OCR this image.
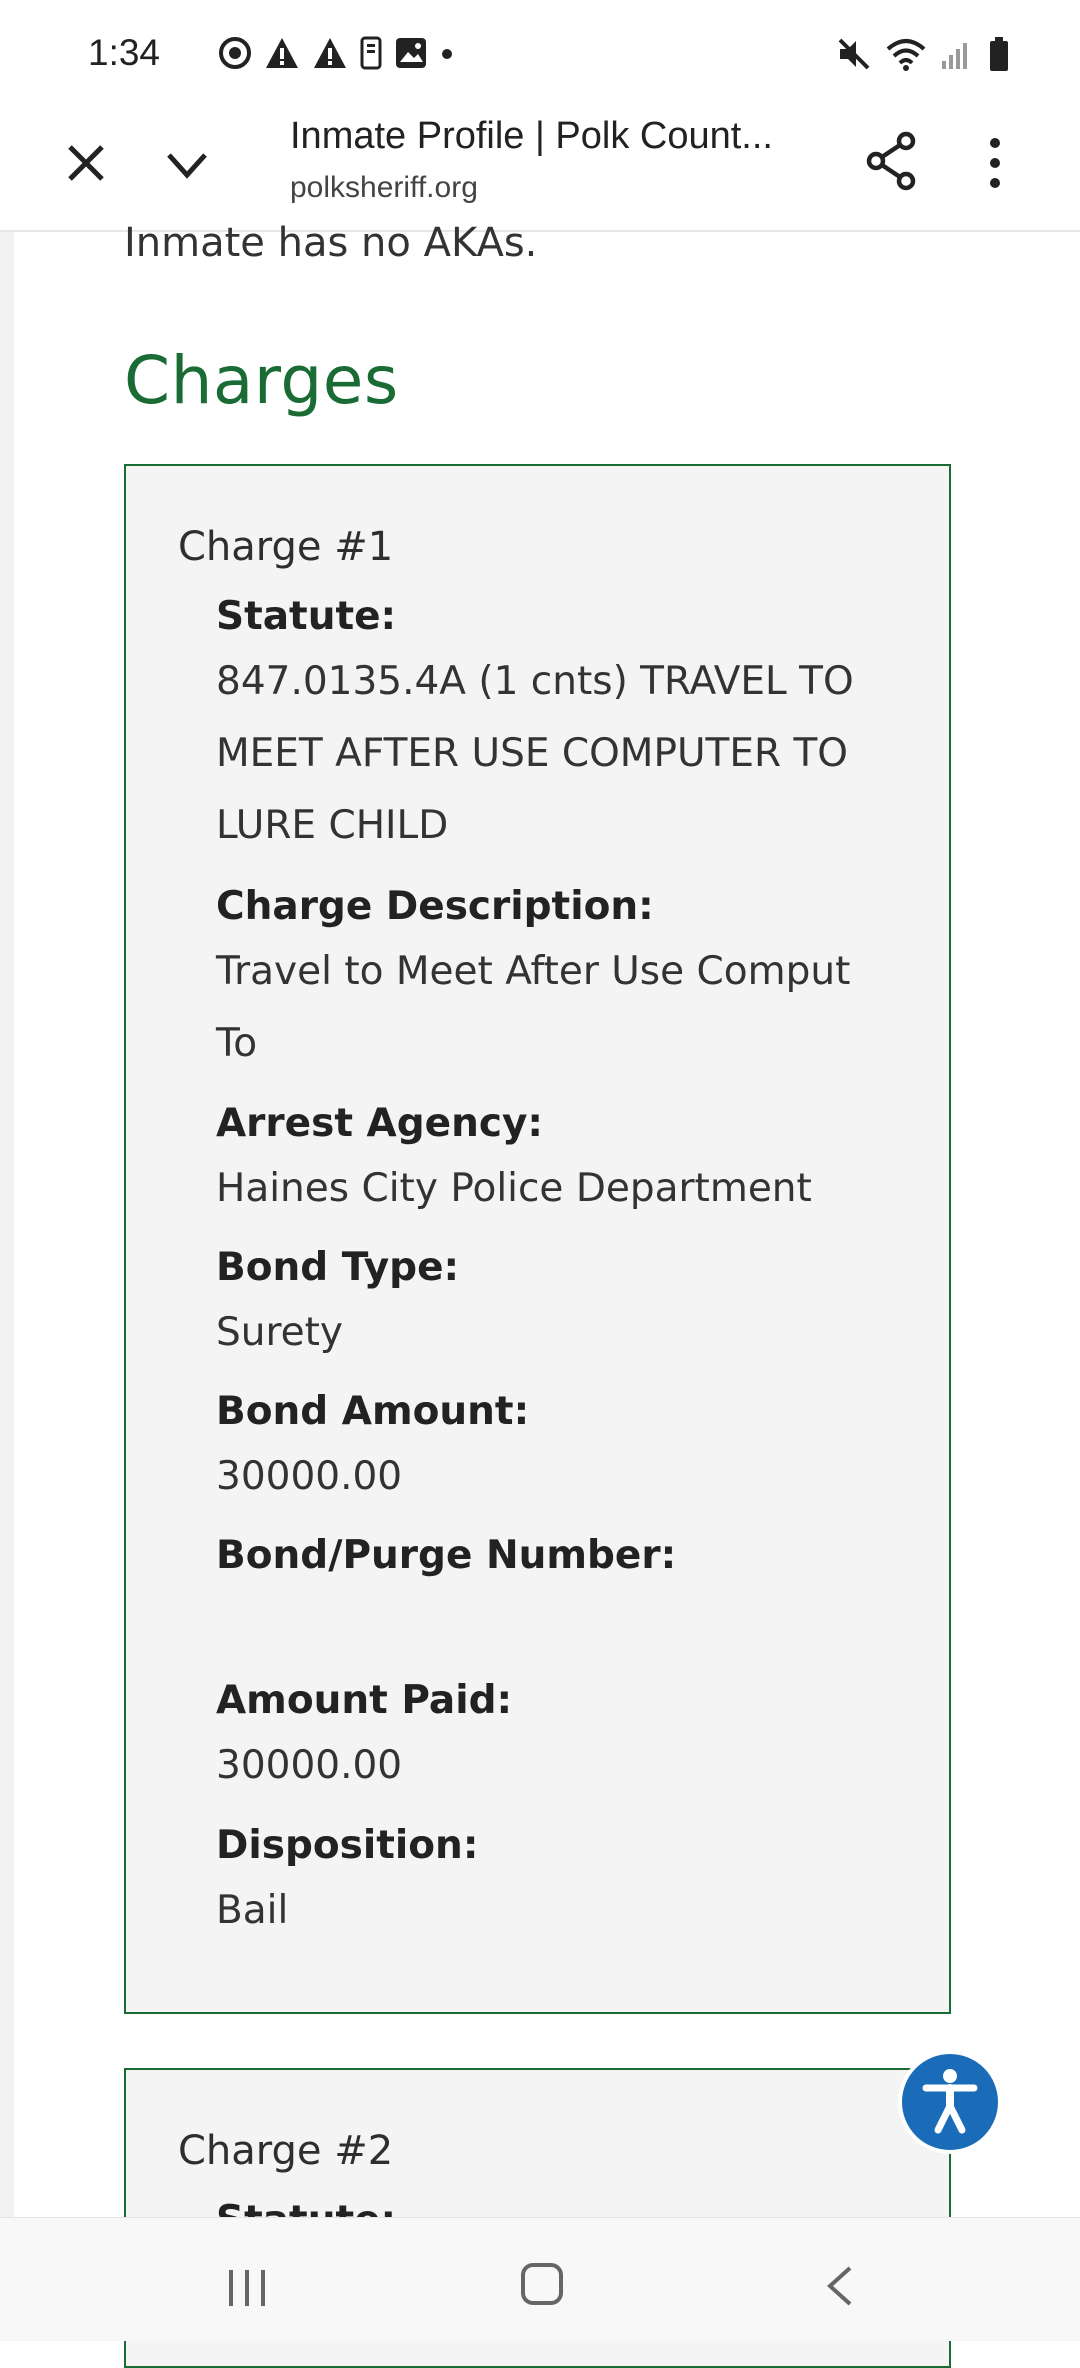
1:34
Inmate Profile | Polk Count...
polksheriff.org
Inmate has no AKAs.
Charges
Charge #1
Statute:
847.0135.4A (1 cnts) TRAVEL TO MEET AFTER USE COMPUTER TO LURE CHILD
Charge Description:
Travel to Meet After Use Comput To
Arrest Agency:
Haines City Police Department
Bond Type:
Surety
Bond Amount:
30000.00
Bond/Purge Number:
Amount Paid:
30000.00
Disposition:
Bail
Charge #2
